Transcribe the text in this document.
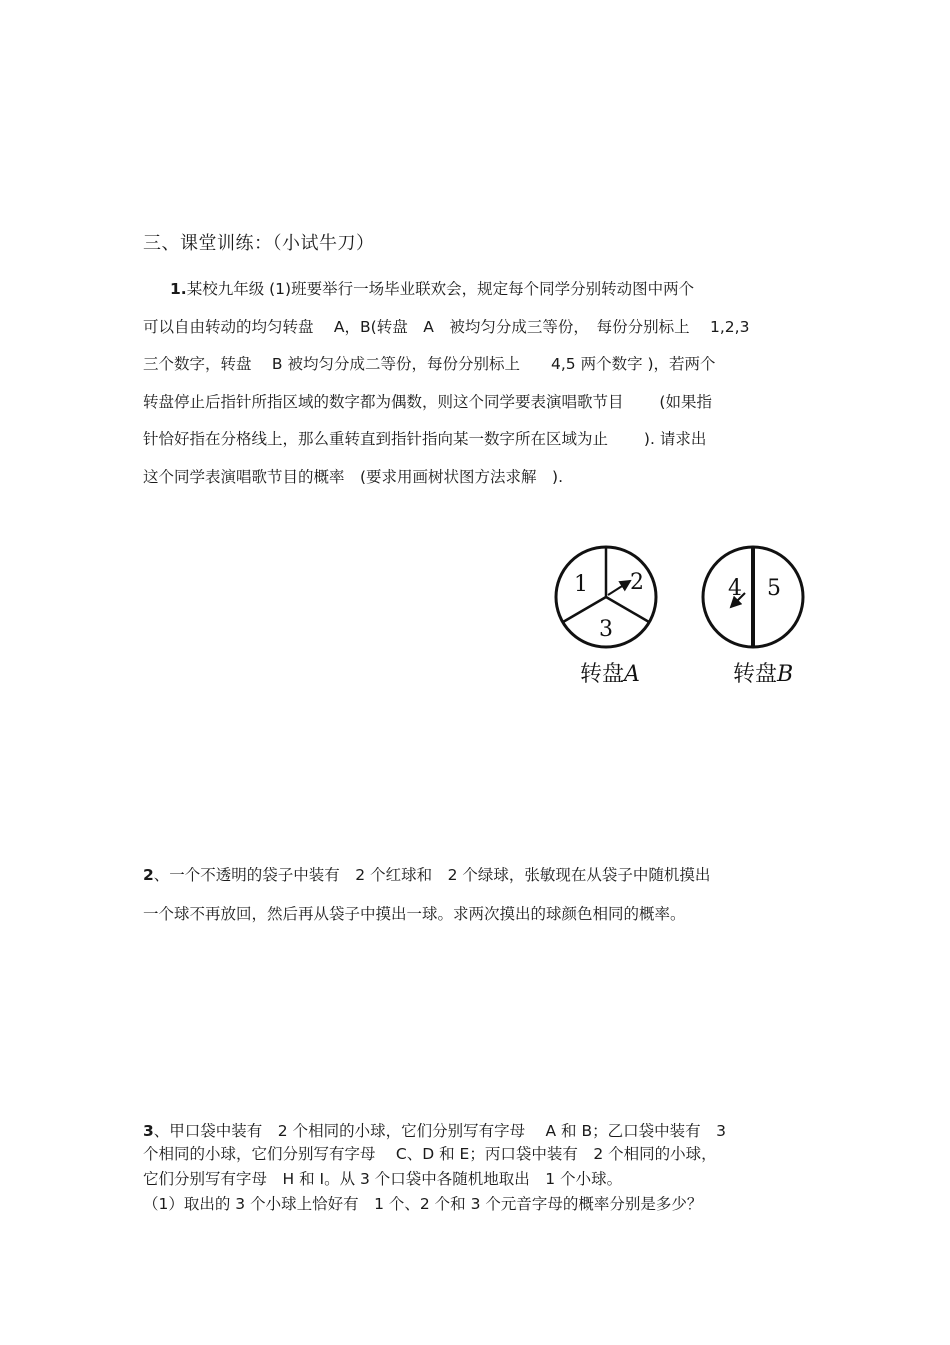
三、课堂训练：（小试牛刀）
1.某校九年级 (1)班要举行一场毕业联欢会，规定每个同学分别转动图中两个
可以自由转动的均匀转盘　 A，B(转盘　A　被均匀分成三等份，　每份分别标上　 1,2,3
三个数字，转盘　 B 被均匀分成二等份，每份分别标上　　4,5 两个数字 )，若两个
转盘停止后指针所指区域的数字都为偶数，则这个同学要表演唱歌节目　　 (如果指
针恰好指在分格线上，那么重转直到指针指向某一数字所在区域为止　　 ). 请求出
这个同学表演唱歌节目的概率　(要求用画树状图方法求解　).
1 2
3
转盘A
4 5
转盘B
2、一个不透明的袋子中装有　2 个红球和　2 个绿球，张敏现在从袋子中随机摸出
一个球不再放回，然后再从袋子中摸出一球。求两次摸出的球颜色相同的概率。
3、甲口袋中装有　2 个相同的小球，它们分别写有字母　 A 和 B；乙口袋中装有　3
个相同的小球，它们分别写有字母　 C、D 和 E；丙口袋中装有　2 个相同的小球，
它们分别写有字母　H 和 I。从 3 个口袋中各随机地取出　1 个小球。
（1）取出的 3 个小球上恰好有　1 个、2 个和 3 个元音字母的概率分别是多少？
